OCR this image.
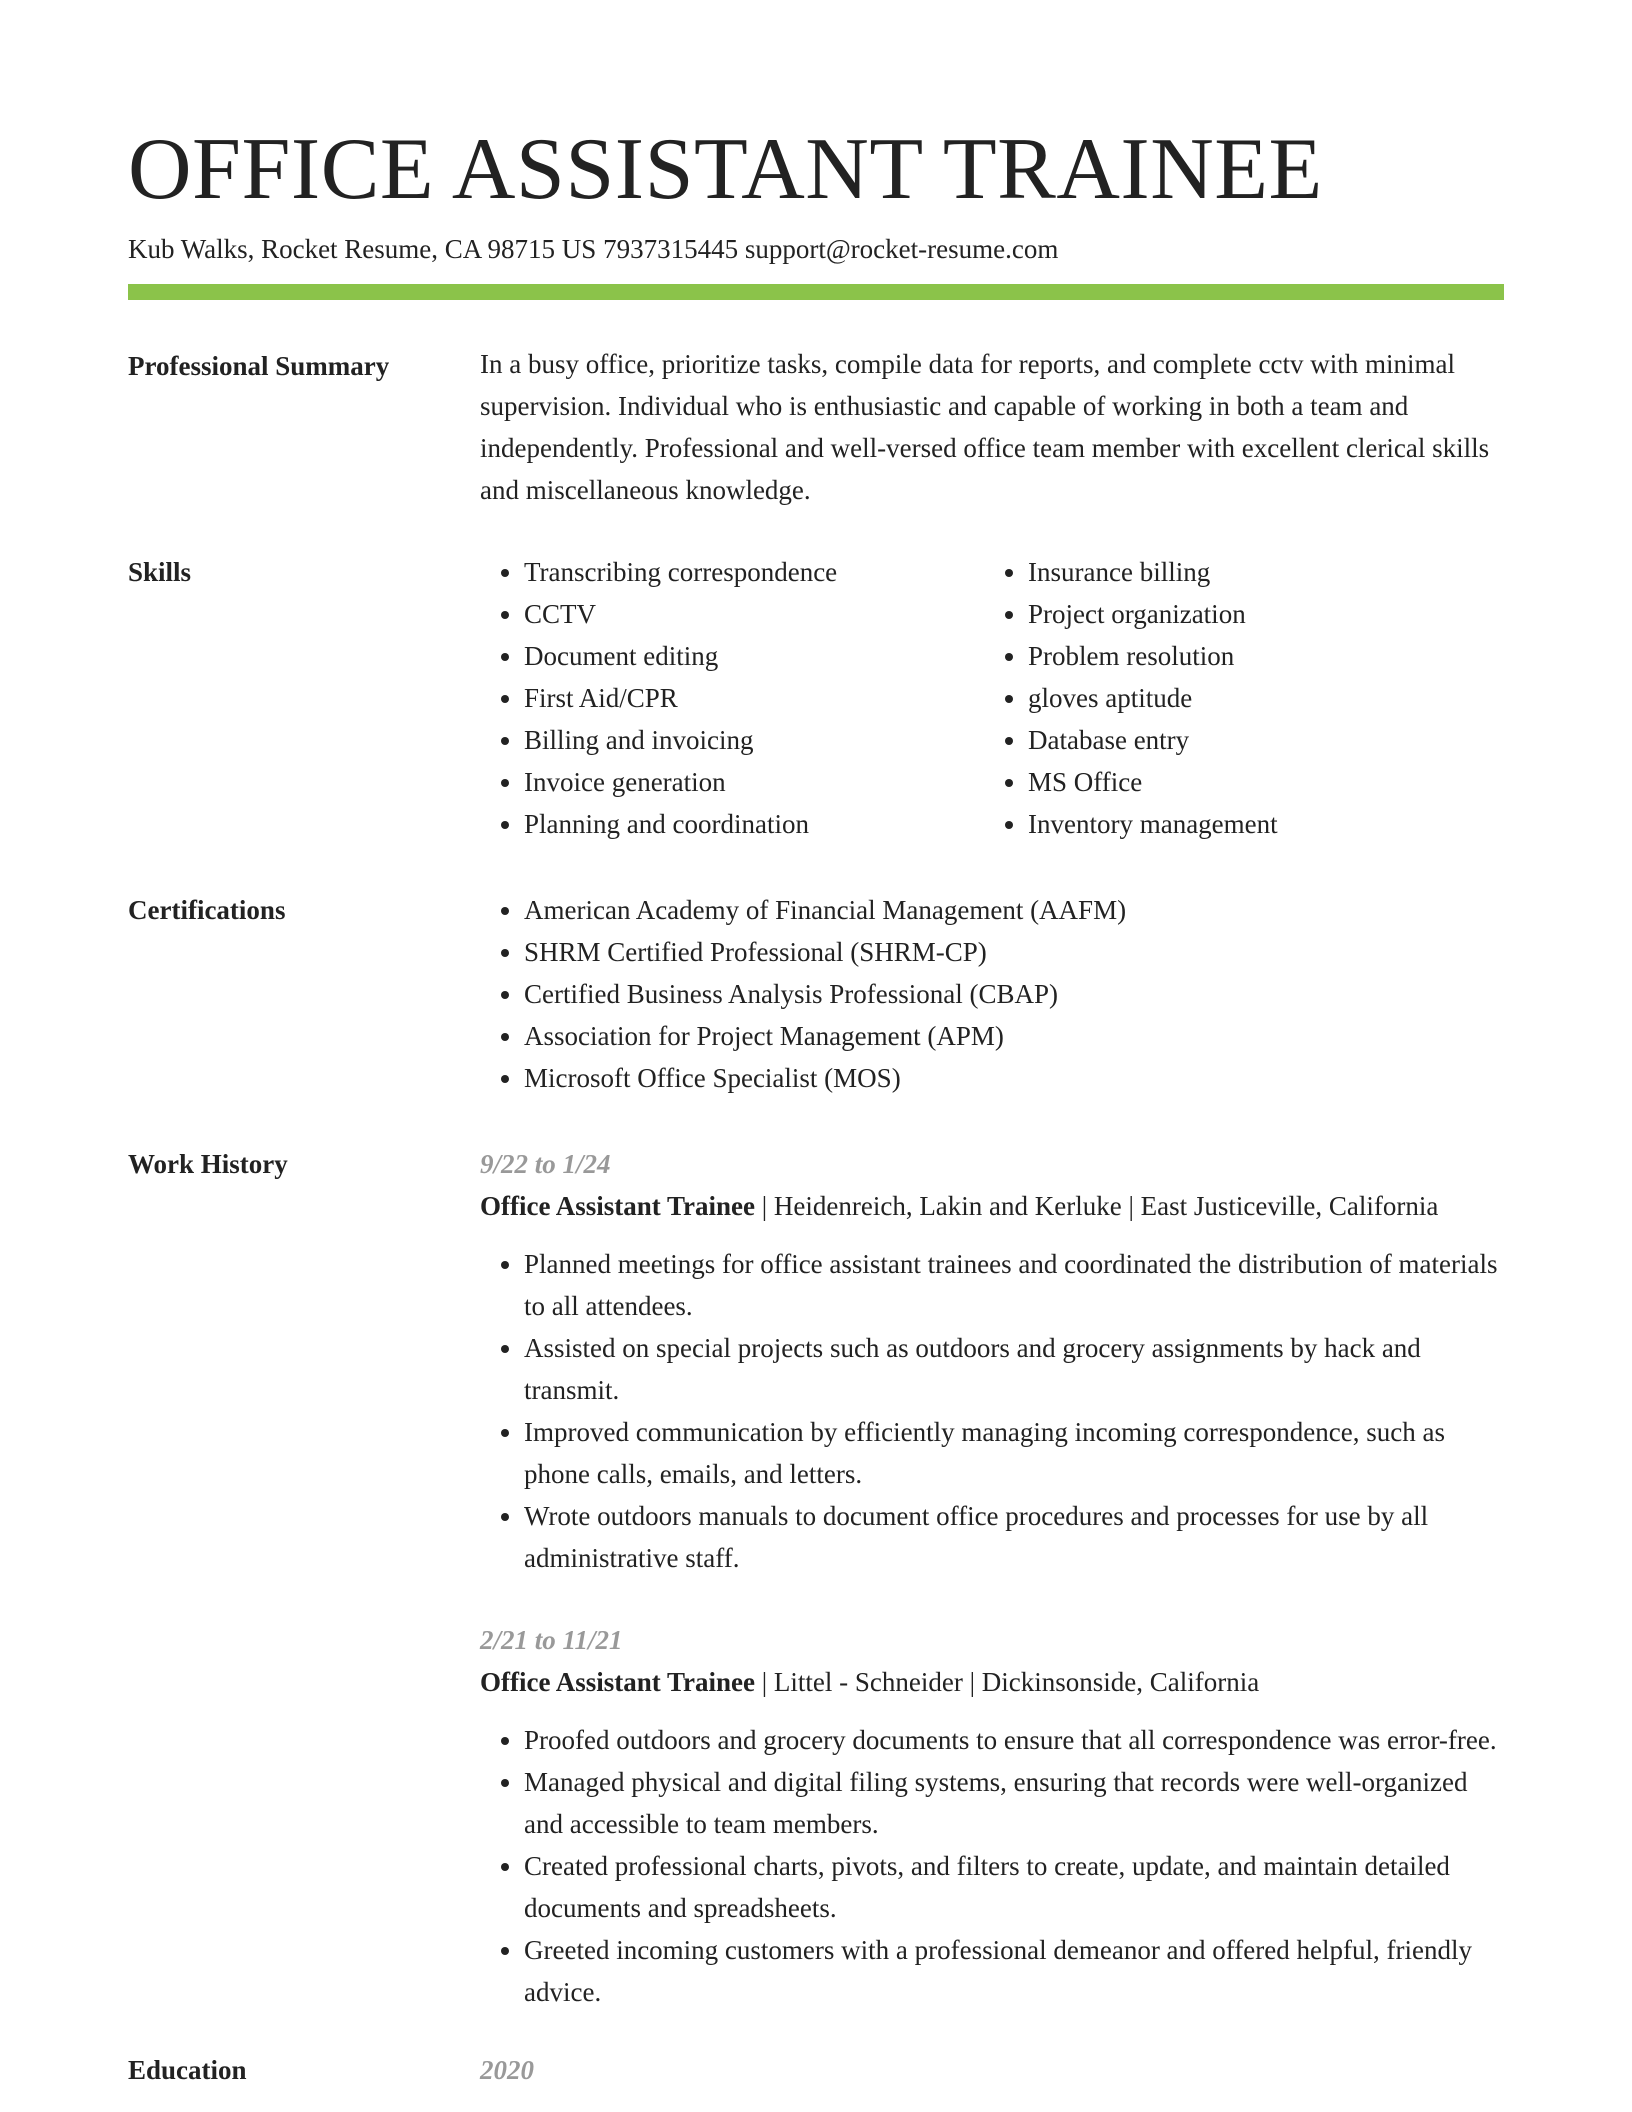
OFFICE ASSISTANT TRAINEE
Kub Walks, Rocket Resume, CA 98715 US 7937315445 support@rocket-resume.com
Professional Summary	In a busy office, prioritize tasks, compile data for reports, and complete cctv with minimal supervision. Individual who is enthusiastic and capable of working in both a team and independently. Professional and well-versed office team member with excellent clerical skills and miscellaneous knowledge.

Skills	• Transcribing correspondence
• CCTV
• Document editing
• First Aid/CPR
• Billing and invoicing
• Invoice generation
• Planning and coordination
• Insurance billing
• Project organization
• Problem resolution
• gloves aptitude
• Database entry
• MS Office
• Inventory management
Certifications	• American Academy of Financial Management (AAFM)
• SHRM Certified Professional (SHRM-CP)
• Certified Business Analysis Professional (CBAP)
• Association for Project Management (APM)
• Microsoft Office Specialist (MOS)
Work History	9/22 to 1/24
Office Assistant Trainee | Heidenreich, Lakin and Kerluke | East Justiceville, California
• Planned meetings for office assistant trainees and coordinated the distribution of materials to all attendees.
• Assisted on special projects such as outdoors and grocery assignments by hack and transmit.
• Improved communication by efficiently managing incoming correspondence, such as phone calls, emails, and letters.
• Wrote outdoors manuals to document office procedures and processes for use by all administrative staff.
2/21 to 11/21
Office Assistant Trainee | Littel - Schneider | Dickinsonside, California
• Proofed outdoors and grocery documents to ensure that all correspondence was error-free.
• Managed physical and digital filing systems, ensuring that records were well-organized and accessible to team members.
• Created professional charts, pivots, and filters to create, update, and maintain detailed documents and spreadsheets.
• Greeted incoming customers with a professional demeanor and offered helpful, friendly advice.
Education	2020
